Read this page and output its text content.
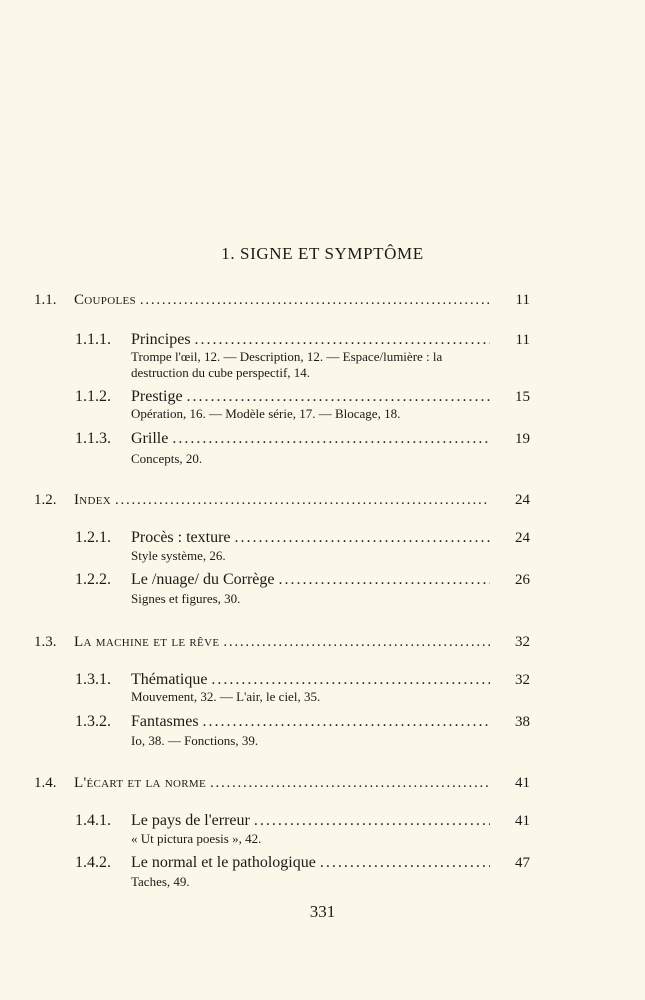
1. SIGNE ET SYMPTÔME
1.1.	Coupoles . . .	11
1.1.1.	Principes . . .	11
Trompe l'œil, 12. — Description, 12. — Espace/lumière : la destruction du cube perspectif, 14.
1.1.2.	Prestige . . .	15
Opération, 16. — Modèle série, 17. — Blocage, 18.
1.1.3.	Grille . . .	19
Concepts, 20.
1.2.	Index . . .	24
1.2.1.	Procès : texture . . .	24
Style système, 26.
1.2.2.	Le /nuage/ du Corrège . . .	26
Signes et figures, 30.
1.3.	La machine et le rêve . . .	32
1.3.1.	Thématique . . .	32
Mouvement, 32. — L'air, le ciel, 35.
1.3.2.	Fantasmes . . .	38
Io, 38. — Fonctions, 39.
1.4.	L'écart et la norme . . .	41
1.4.1.	Le pays de l'erreur . . .	41
« Ut pictura poesis », 42.
1.4.2.	Le normal et le pathologique . . .	47
Taches, 49.
331
